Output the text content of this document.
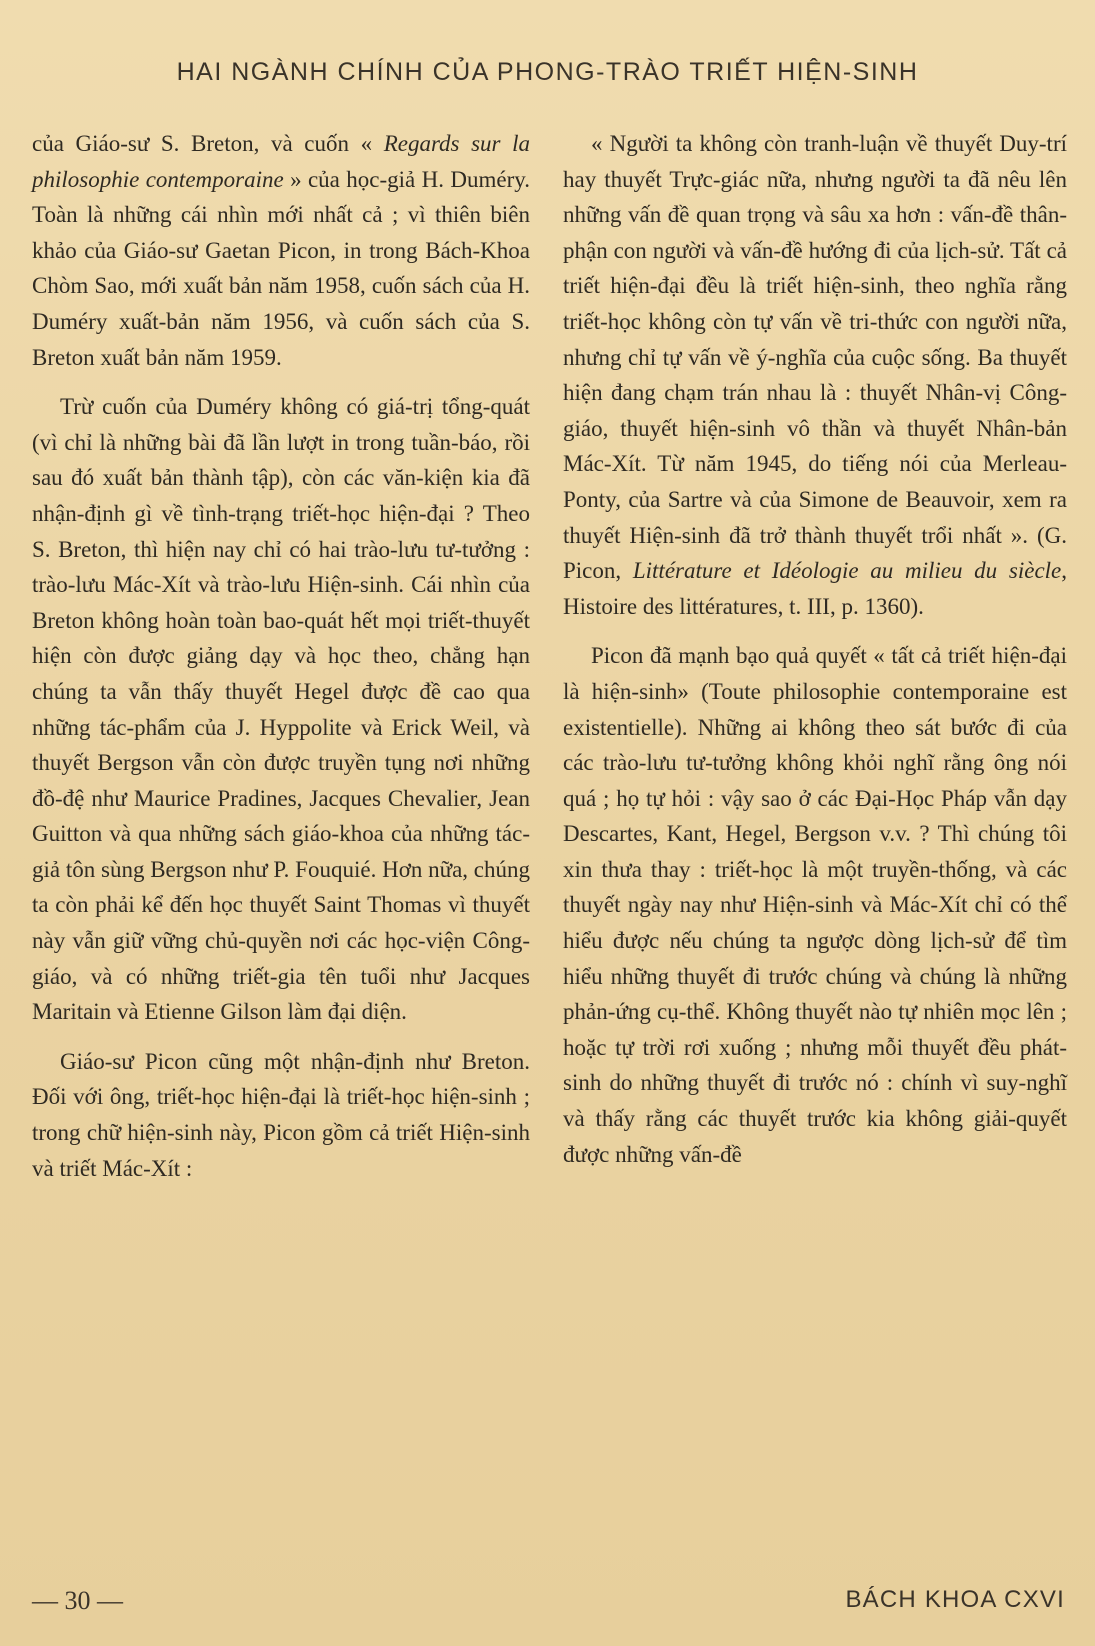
HAI NGÀNH CHÍNH CỦA PHONG-TRÀO TRIẾT HIỆN-SINH

của Giáo-sư S. Breton, và cuốn « Regards sur la philosophie contemporaine » của học-giả H. Duméry. Toàn là những cái nhìn mới nhất cả ; vì thiên biên khảo của Giáo-sư Gaetan Picon, in trong Bách-Khoa Chòm Sao, mới xuất bản năm 1958, cuốn sách của H. Duméry xuất-bản năm 1956, và cuốn sách của S. Breton xuất bản năm 1959.

Trừ cuốn của Duméry không có giá-trị tổng-quát (vì chỉ là những bài đã lần lượt in trong tuần-báo, rồi sau đó xuất bản thành tập), còn các văn-kiện kia đã nhận-định gì về tình-trạng triết-học hiện-đại ? Theo S. Breton, thì hiện nay chỉ có hai trào-lưu tư-tưởng : trào-lưu Mác-Xít và trào-lưu Hiện-sinh. Cái nhìn của Breton không hoàn toàn bao-quát hết mọi triết-thuyết hiện còn được giảng dạy và học theo, chẳng hạn chúng ta vẫn thấy thuyết Hegel được đề cao qua những tác-phẩm của J. Hyppolite và Erick Weil, và thuyết Bergson vẫn còn được truyền tụng nơi những đồ-đệ như Maurice Pradines, Jacques Chevalier, Jean Guitton và qua những sách giáo-khoa của những tác-giả tôn sùng Bergson như P. Fouquié. Hơn nữa, chúng ta còn phải kể đến học thuyết Saint Thomas vì thuyết này vẫn giữ vững chủ-quyền nơi các học-viện Công-giáo, và có những triết-gia tên tuổi như Jacques Maritain và Etienne Gilson làm đại diện.

Giáo-sư Picon cũng một nhận-định như Breton. Đối với ông, triết-học hiện-đại là triết-học hiện-sinh ; trong chữ hiện-sinh này, Picon gồm cả triết Hiện-sinh và triết Mác-Xít :

« Người ta không còn tranh-luận về thuyết Duy-trí hay thuyết Trực-giác nữa, nhưng người ta đã nêu lên những vấn đề quan trọng và sâu xa hơn : vấn-đề thân-phận con người và vấn-đề hướng đi của lịch-sử. Tất cả triết hiện-đại đều là triết hiện-sinh, theo nghĩa rằng triết-học không còn tự vấn về tri-thức con người nữa, nhưng chỉ tự vấn về ý-nghĩa của cuộc sống. Ba thuyết hiện đang chạm trán nhau là : thuyết Nhân-vị Công-giáo, thuyết hiện-sinh vô thần và thuyết Nhân-bản Mác-Xít. Từ năm 1945, do tiếng nói của Merleau-Ponty, của Sartre và của Simone de Beauvoir, xem ra thuyết Hiện-sinh đã trở thành thuyết trổi nhất ». (G. Picon, Littérature et Idéologie au milieu du siècle, Histoire des littératures, t. III, p. 1360).

Picon đã mạnh bạo quả quyết « tất cả triết hiện-đại là hiện-sinh» (Toute philosophie contemporaine est existentielle). Những ai không theo sát bước đi của các trào-lưu tư-tưởng không khỏi nghĩ rằng ông nói quá ; họ tự hỏi : vậy sao ở các Đại-Học Pháp vẫn dạy Descartes, Kant, Hegel, Bergson v.v. ? Thì chúng tôi xin thưa thay : triết-học là một truyền-thống, và các thuyết ngày nay như Hiện-sinh và Mác-Xít chỉ có thể hiểu được nếu chúng ta ngược dòng lịch-sử để tìm hiểu những thuyết đi trước chúng và chúng là những phản-ứng cụ-thể. Không thuyết nào tự nhiên mọc lên ; hoặc tự trời rơi xuống ; nhưng mỗi thuyết đều phát-sinh do những thuyết đi trước nó : chính vì suy-nghĩ và thấy rằng các thuyết trước kia không giải-quyết được những vấn-đề

— 30 —	BÁCH KHOA CXVI
